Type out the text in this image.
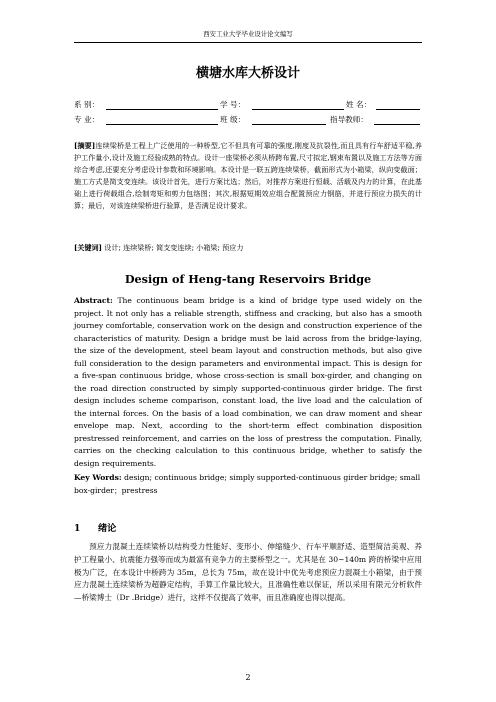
西安工业大学毕业设计论文编写
横塘水库大桥设计
系 别：	学 号：	姓 名：
专 业：	班 级：	指导教师：

[摘要]连续梁桥是工程上广泛使用的一种桥型,它不但具有可靠的强度,刚度及抗裂性,而且具有行车舒适平稳,养护工作量小,设计及施工经验成熟的特点。设计一座梁桥必须从桥跨布置,尺寸拟定,钢束布置以及施工方法等方面综合考虑,还要充分考虑设计参数和环境影响。本设计是一联五跨连续梁桥，截面形式为小箱梁，纵向变截面；施工方式是简支变连续。该设计首先，进行方案比选；然后，对推荐方案进行恒载、活载及内力的计算，在此基础上进行荷载组合,绘制弯矩和剪力包络图；其次,根据短期效应组合配置预应力钢筋，并进行预应力损失的计算；最后，对该连续梁桥进行验算，是否满足设计要求。

[关键词] 设计; 连续梁桥; 简支变连续; 小箱梁; 预应力

Design of Heng-tang Reservoirs Bridge

Abstract: The continuous beam bridge is a kind of bridge type used widely on the project. It not only has a reliable strength, stiffness and cracking, but also has a smooth journey comfortable, conservation work on the design and construction experience of the characteristics of maturity. Design a bridge must be laid across from the bridge-laying, the size of the development, steel beam layout and construction methods, but also give full consideration to the design parameters and environmental impact. This is design for a five-span continuous bridge, whose cross-section is small box-girder, and changing on the road direction constructed by simply supported-continuous girder bridge. The first design includes scheme comparison, constant load, the live load and the calculation of the internal forces. On the basis of a load combination, we can draw moment and shear envelope map. Next, according to the short-term effect combination disposition prestressed reinforcement, and carries on the loss of prestress the computation. Finally, carries on the checking calculation to this continuous bridge, whether to satisfy the design requirements.

Key Words: design; continuous bridge; simply supported-continuous girder bridge; small box-girder；prestress

1 绪论

预应力混凝土连续梁桥以结构受力性能好、变形小、伸缩缝少、行车平顺舒适、造型简洁美观、养护工程量小、抗震能力强等而成为最富有竞争力的主要桥型之一。尤其是在 30~140m 跨的桥梁中应用极为广泛，在本设计中桥跨为 35m，总长为 75m，故在设计中优先考虑预应力混凝土小箱梁，由于预应力混凝土连续梁桥为超静定结构，手算工作量比较大，且准确性难以保证，所以采用有限元分析软件—桥梁博士（Dr .Bridge）进行，这样不仅提高了效率，而且准确度也得以提高。

2
